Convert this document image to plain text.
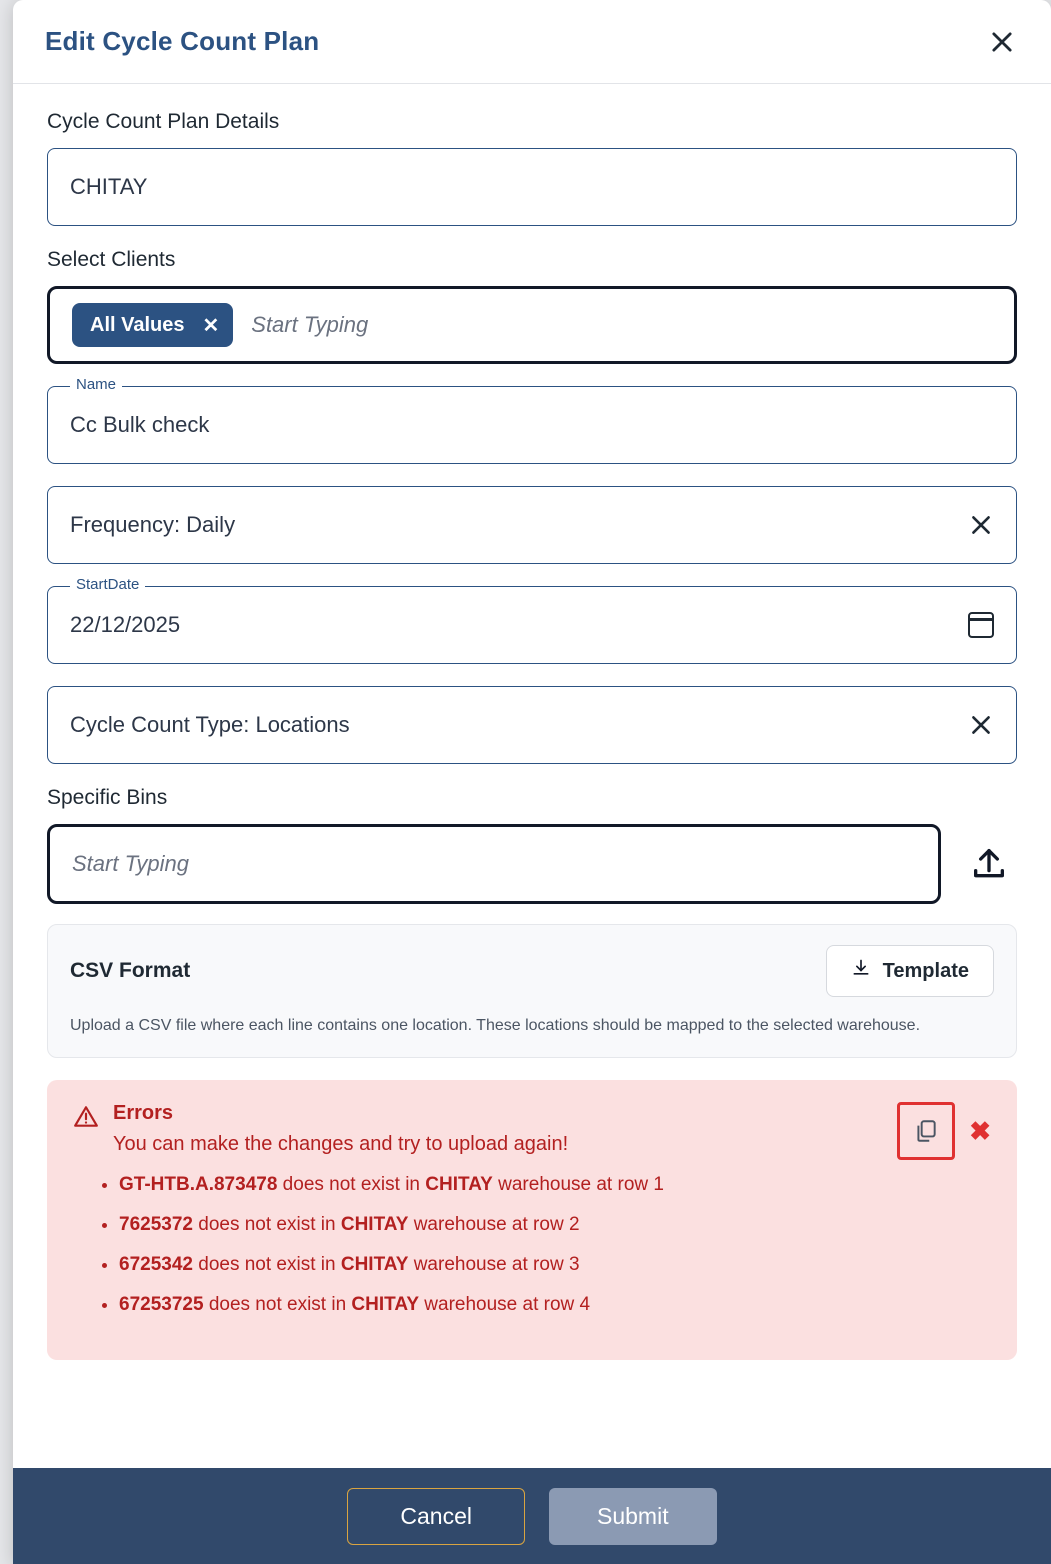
Edit Cycle Count Plan
Cycle Count Plan Details
CHITAY
Select Clients
All Values ✕ Start Typing
Name
Cc Bulk check
Frequency: Daily
StartDate
22/12/2025
Cycle Count Type: Locations
Specific Bins
Start Typing
CSV Format	Template
Upload a CSV file where each line contains one location. These locations should be mapped to the selected warehouse.
Errors
You can make the changes and try to upload again!	✖
• GT-HTB.A.873478 does not exist in CHITAY warehouse at row 1
• 7625372 does not exist in CHITAY warehouse at row 2
• 6725342 does not exist in CHITAY warehouse at row 3
• 67253725 does not exist in CHITAY warehouse at row 4
Cancel	Submit
